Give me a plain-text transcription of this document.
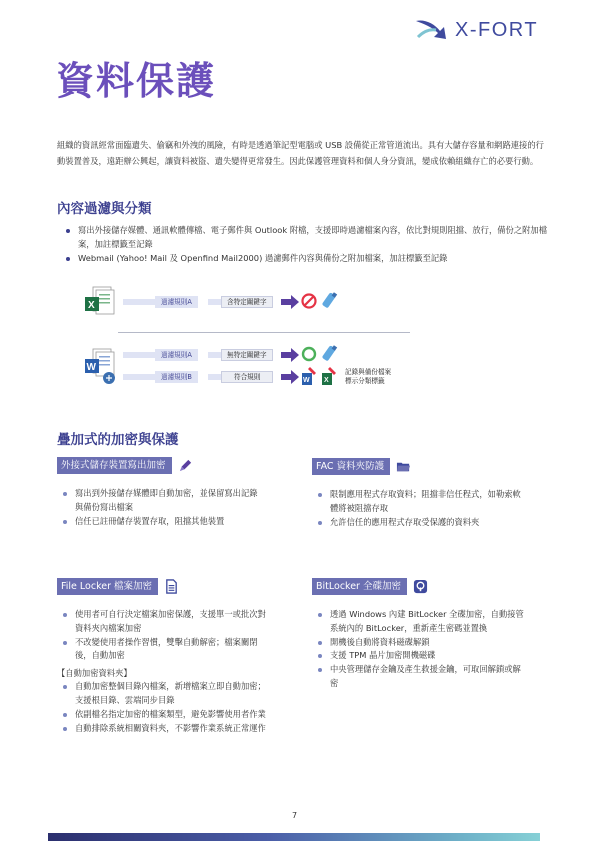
X-FORT
資料保護
組織的資訊經常面臨遺失、偷竊和外洩的風險，有時是透過筆記型電腦或 USB 設備從正常管道流出。具有大儲存容量和網路連接的行動裝置普及，遠距辦公興起，讓資料被盜、遺失變得更常發生。因此保護管理資料和個人身分資訊，變成依賴組織存亡的必要行動。
內容過濾與分類
寫出外接儲存媒體、通訊軟體傳檔、電子郵件與 Outlook 附檔，支援即時過濾檔案內容，依比對規則阻擋、放行，備份之附加檔案，加註標籤至記錄
Webmail (Yahoo! Mail 及 Openfind Mail2000) 過濾郵件內容與備份之附加檔案，加註標籤至記錄
X	過濾規則A	含特定關鍵字
W
過濾規則A	無特定關鍵字
過濾規則B	符合規則	W X
記錄與備份檔案
標示分類標籤
疊加式的加密與保護
外接式儲存裝置寫出加密
寫出到外接儲存媒體即自動加密，並保留寫出記錄與備份寫出檔案
信任已註冊儲存裝置存取，阻擋其他裝置
FAC 資料夾防護
限制應用程式存取資料；阻擋非信任程式，如勒索軟體將被阻擋存取
允許信任的應用程式存取受保護的資料夾
File Locker 檔案加密
使用者可自行決定檔案加密保護，支援單一或批次對資料夾內檔案加密
不改變使用者操作習慣，雙擊自動解密；檔案關閉後，自動加密
【自動加密資料夾】
自動加密整個目錄內檔案，新增檔案立即自動加密；支援根目錄、雲端同步目錄
依副檔名指定加密的檔案類型，避免影響使用者作業
自動排除系統相關資料夾，不影響作業系統正常運作
BitLocker 全碟加密
透過 Windows 內建 BitLocker 全碟加密，自動接管系統內的 BitLocker，重新產生密碼並置換
開機後自動將資料磁碟解鎖
支援 TPM 晶片加密開機磁碟
中央管理儲存金鑰及產生救援金鑰，可取回解鎖或解密
7
